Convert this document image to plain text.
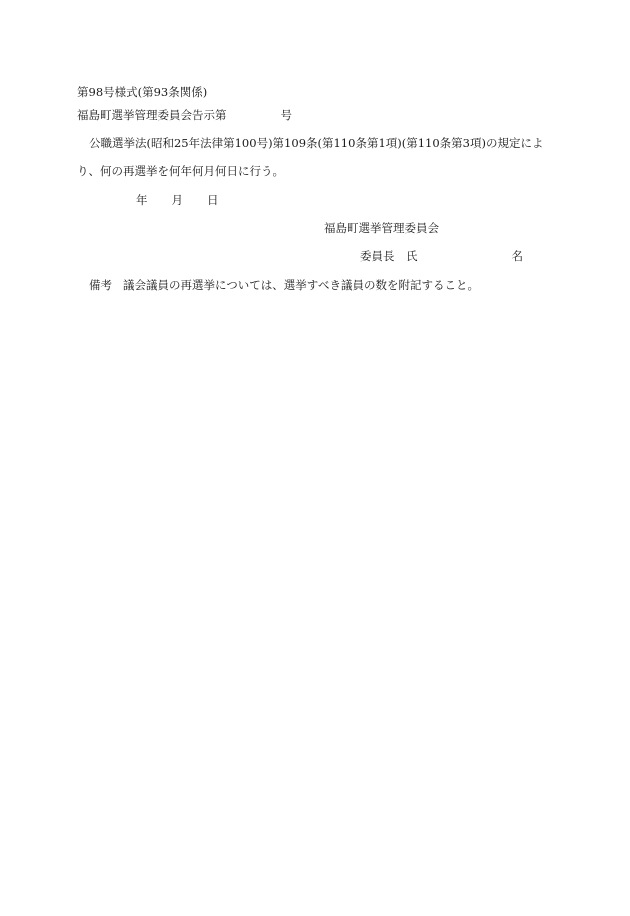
第98号様式(第93条関係)
福島町選挙管理委員会告示第	号
公職選挙法(昭和25年法律第100号)第109条(第110条第1項)(第110条第3項)の規定によ
り、何の再選挙を何年何月何日に行う。
年 月 日
福島町選挙管理委員会
委員長　氏	名
備考 議会議員の再選挙については、選挙すべき議員の数を附記すること。
